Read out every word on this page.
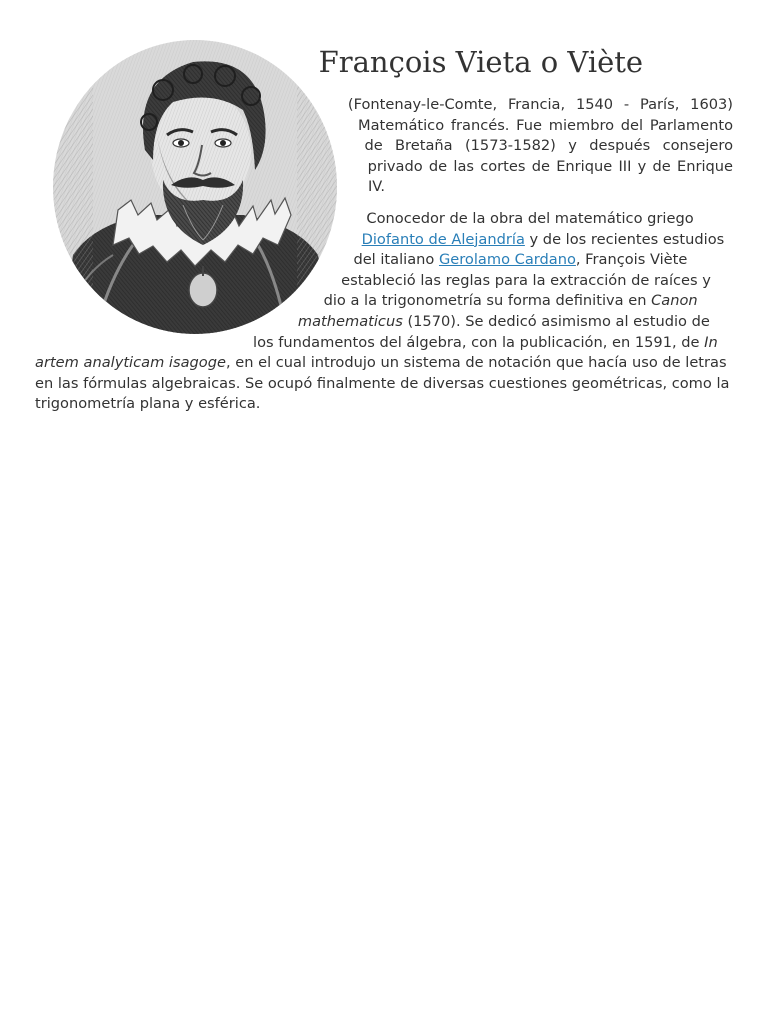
François Vieta o Viète

(Fontenay-le-Comte, Francia, 1540 - París, 1603) Matemático francés. Fue miembro del Parlamento de Bretaña (1573-1582) y después consejero privado de las cortes de Enrique III y de Enrique IV.

Conocedor de la obra del matemático griego Diofanto de Alejandría y de los recientes estudios del italiano Gerolamo Cardano, François Viète estableció las reglas para la extracción de raíces y dio a la trigonometría su forma definitiva en Canon mathematicus (1570). Se dedicó asimismo al estudio de los fundamentos del álgebra, con la publicación, en 1591, de In artem analyticam isagoge, en el cual introdujo un sistema de notación que hacía uso de letras en las fórmulas algebraicas. Se ocupó finalmente de diversas cuestiones geométricas, como la trigonometría plana y esférica.
